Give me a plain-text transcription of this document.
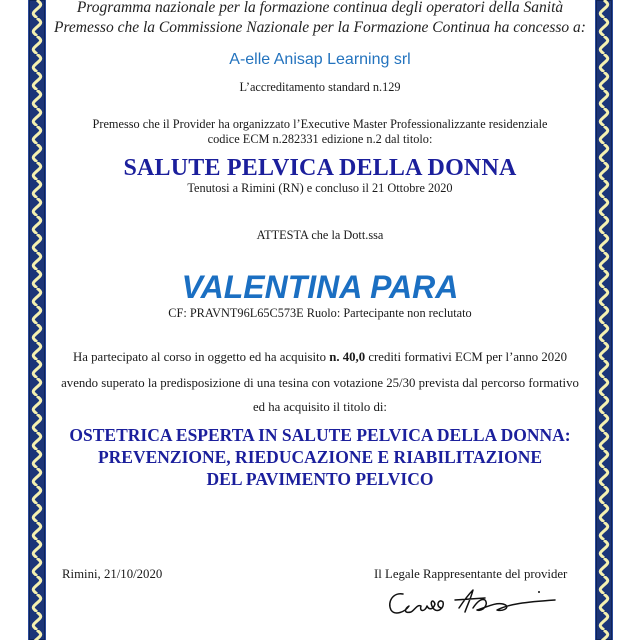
Programma nazionale per la formazione continua degli operatori della Sanità
Premesso che la Commissione Nazionale per la Formazione Continua ha concesso a:
A-elle Anisap Learning srl
L’accreditamento standard n.129
Premesso che il Provider ha organizzato l’Executive Master Professionalizzante residenziale
codice ECM n.282331 edizione n.2 dal titolo:
SALUTE PELVICA DELLA DONNA
Tenutosi a Rimini (RN) e concluso il 21 Ottobre 2020
ATTESTA che la Dott.ssa
VALENTINA PARA
CF: PRAVNT96L65C573E Ruolo: Partecipante non reclutato
Ha partecipato al corso in oggetto ed ha acquisito n. 40,0 crediti formativi ECM per l’anno 2020
avendo superato la predisposizione di una tesina con votazione 25/30 prevista dal percorso formativo
ed ha acquisito il titolo di:
OSTETRICA ESPERTA IN SALUTE PELVICA DELLA DONNA:
PREVENZIONE, RIEDUCAZIONE E RIABILITAZIONE
DEL PAVIMENTO PELVICO
Rimini, 21/10/2020	Il Legale Rappresentante del provider
